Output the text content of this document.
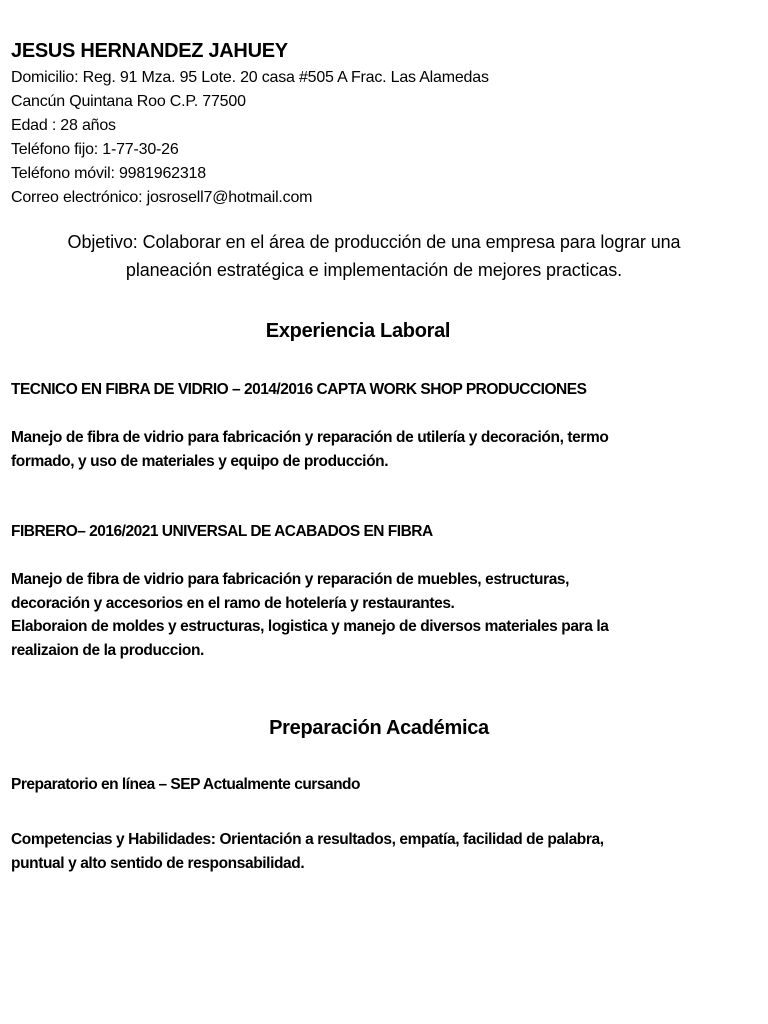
JESUS HERNANDEZ JAHUEY
Domicilio: Reg. 91 Mza. 95 Lote. 20 casa #505 A Frac. Las Alamedas
Cancún Quintana Roo C.P. 77500
Edad : 28 años
Teléfono fijo: 1-77-30-26
Teléfono móvil: 9981962318
Correo electrónico: josrosell7@hotmail.com
Objetivo: Colaborar en el área de producción de una empresa para lograr una
planeación estratégica e implementación de mejores practicas.
Experiencia Laboral
TECNICO EN FIBRA DE VIDRIO – 2014/2016 CAPTA WORK SHOP PRODUCCIONES
Manejo de fibra de vidrio para fabricación y reparación de utilería y decoración, termo
formado, y uso de materiales y equipo de producción.
FIBRERO– 2016/2021 UNIVERSAL DE ACABADOS EN FIBRA
Manejo de fibra de vidrio para fabricación y reparación de muebles, estructuras,
decoración y accesorios en el ramo de hotelería y restaurantes.
Elaboraion de moldes y estructuras, logistica y manejo de diversos materiales para la
realizaion de la produccion.
Preparación Académica
Preparatorio en línea – SEP Actualmente cursando
Competencias y Habilidades: Orientación a resultados, empatía, facilidad de palabra,
puntual y alto sentido de responsabilidad.
